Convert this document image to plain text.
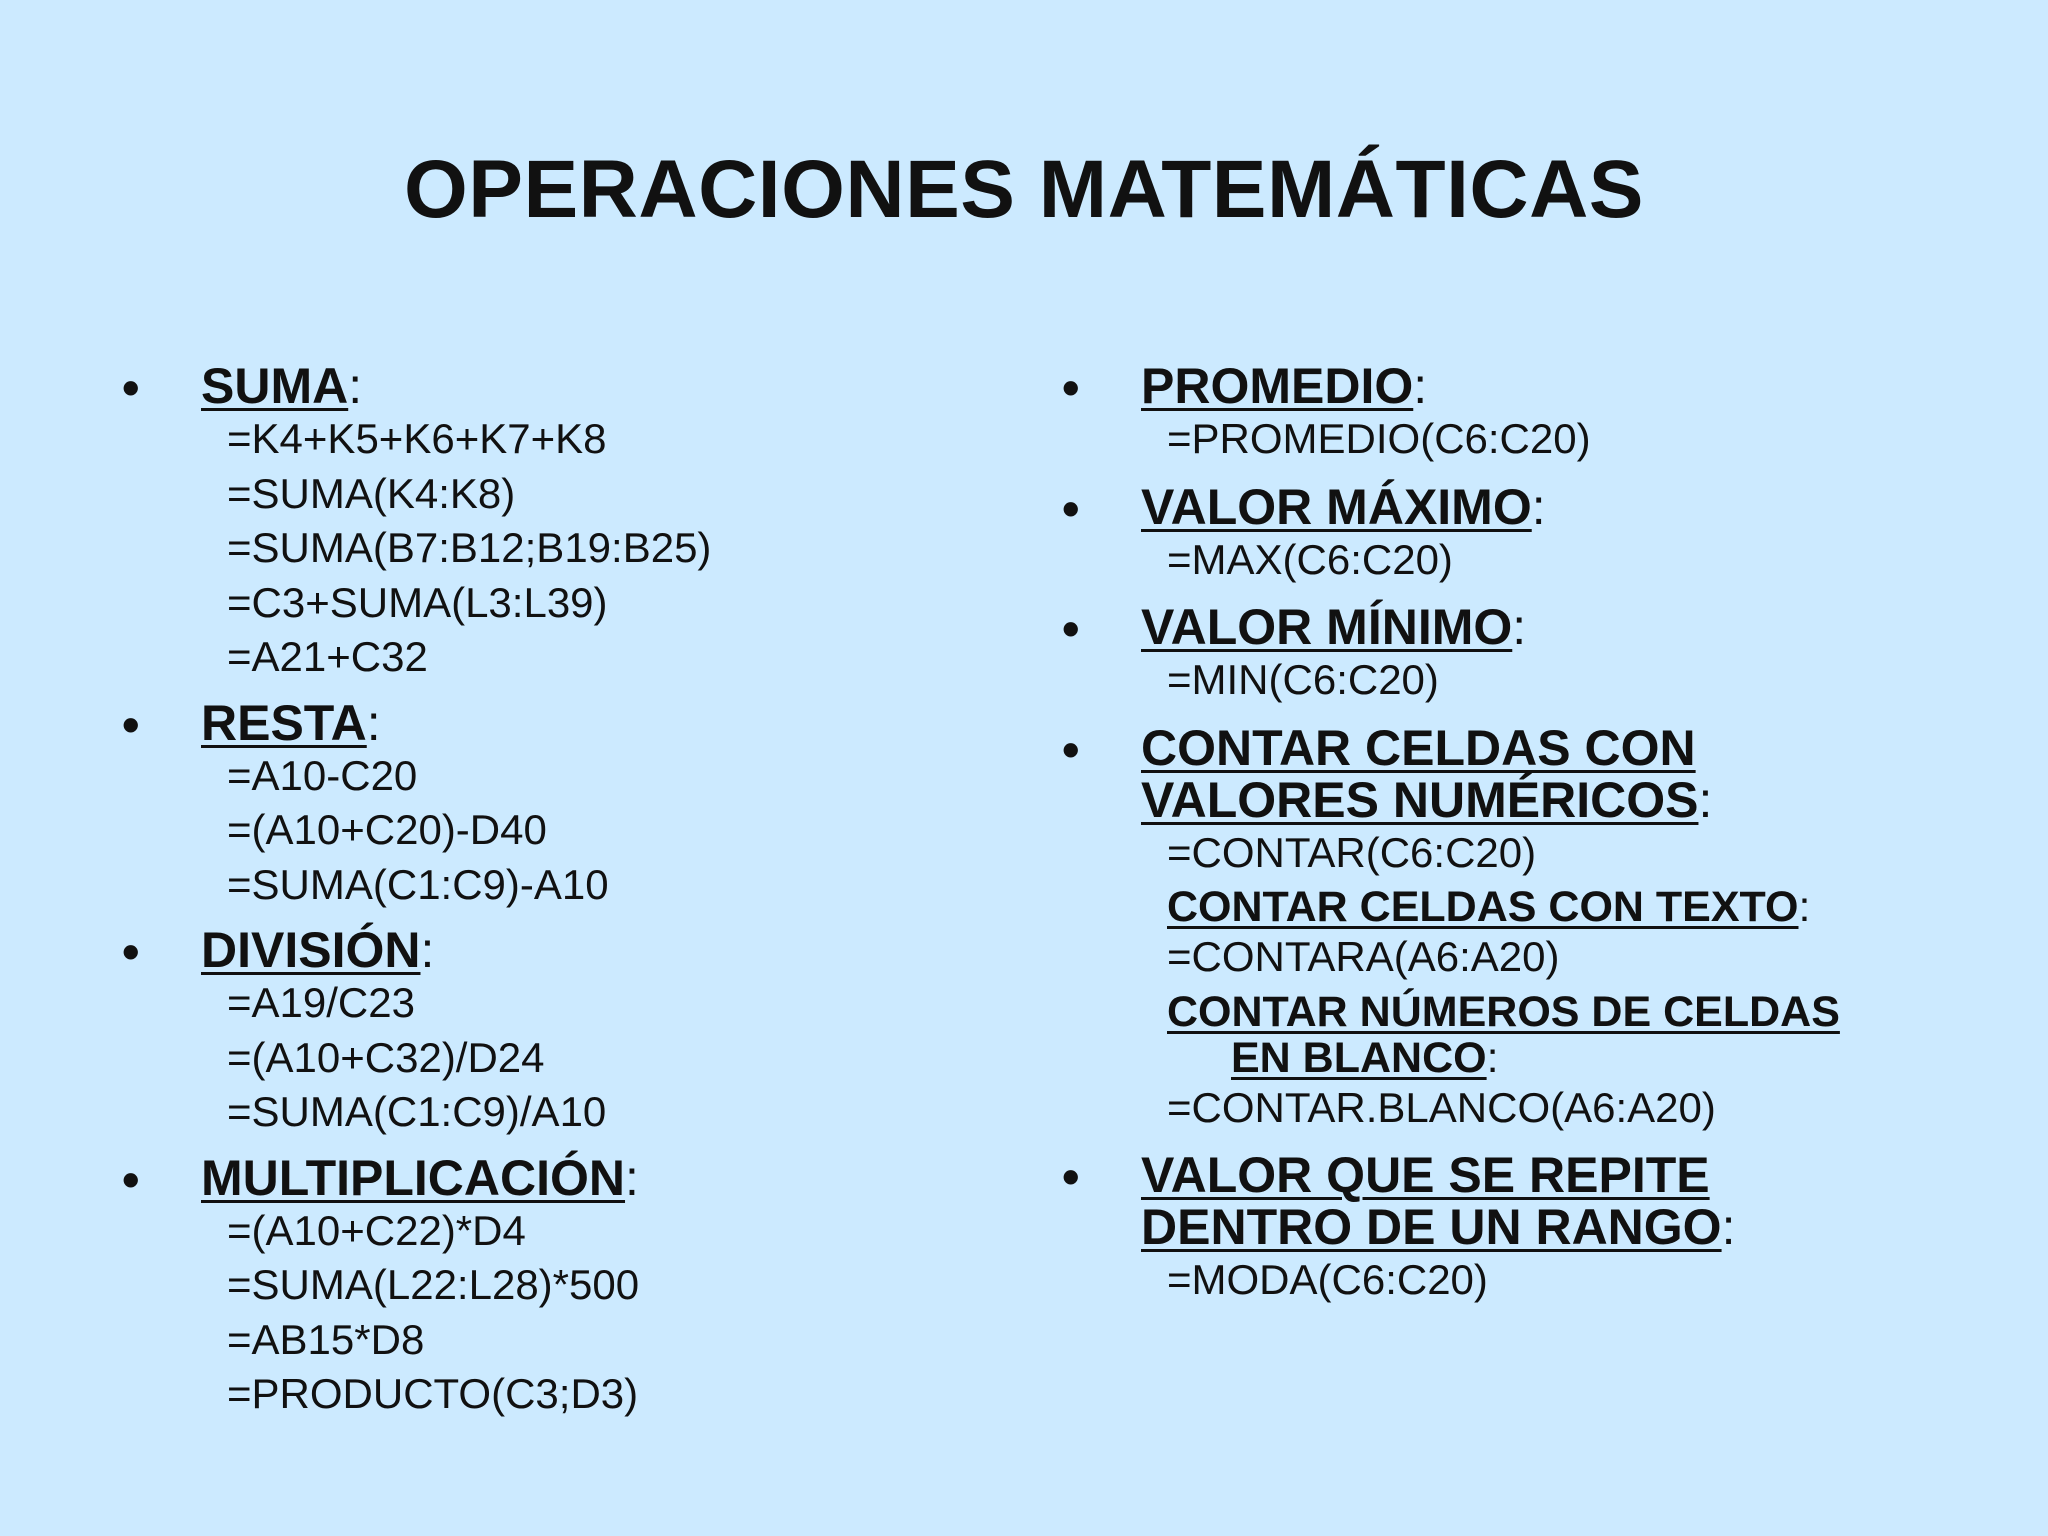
OPERACIONES MATEMÁTICAS
• SUMA:
=K4+K5+K6+K7+K8
=SUMA(K4:K8)
=SUMA(B7:B12;B19:B25)
=C3+SUMA(L3:L39)
=A21+C32
• RESTA:
=A10-C20
=(A10+C20)-D40
=SUMA(C1:C9)-A10
• DIVISIÓN:
=A19/C23
=(A10+C32)/D24
=SUMA(C1:C9)/A10
• MULTIPLICACIÓN:
=(A10+C22)*D4
=SUMA(L22:L28)*500
=AB15*D8
=PRODUCTO(C3;D3)
• PROMEDIO:
=PROMEDIO(C6:C20)
• VALOR MÁXIMO:
=MAX(C6:C20)
• VALOR MÍNIMO:
=MIN(C6:C20)
• CONTAR CELDAS CON
VALORES NUMÉRICOS:
=CONTAR(C6:C20)
CONTAR CELDAS CON TEXTO:
=CONTARA(A6:A20)
CONTAR NÚMEROS DE CELDAS
EN BLANCO:
=CONTAR.BLANCO(A6:A20)
• VALOR QUE SE REPITE
DENTRO DE UN RANGO:
=MODA(C6:C20)
